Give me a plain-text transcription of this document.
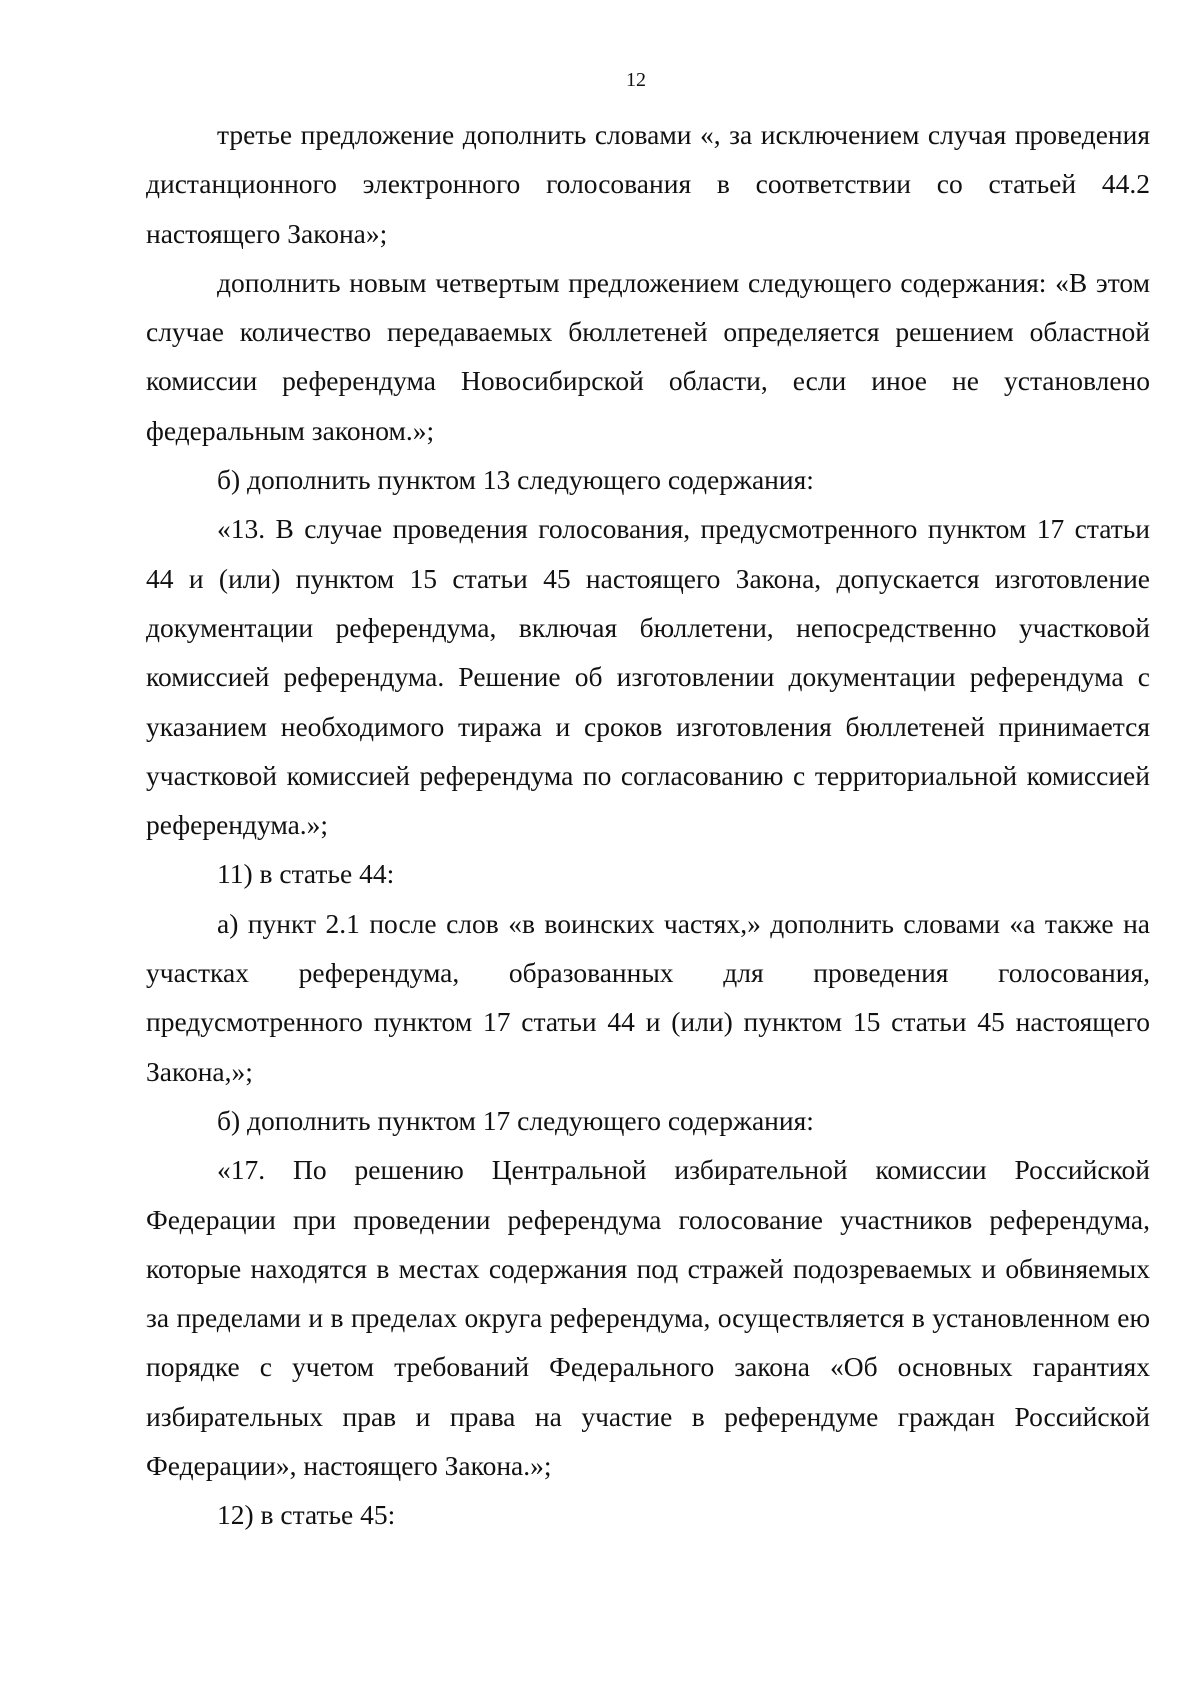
12

третье предложение дополнить словами «, за исключением случая проведения дистанционного электронного голосования в соответствии со статьей 44.2 настоящего Закона»;

дополнить новым четвертым предложением следующего содержания: «В этом случае количество передаваемых бюллетеней определяется решением областной комиссии референдума Новосибирской области, если иное не установлено федеральным законом.»;

б) дополнить пунктом 13 следующего содержания:

«13. В случае проведения голосования, предусмотренного пунктом 17 статьи 44 и (или) пунктом 15 статьи 45 настоящего Закона, допускается изготовление документации референдума, включая бюллетени, непосредственно участковой комиссией референдума. Решение об изготовлении документации референдума с указанием необходимого тиража и сроков изготовления бюллетеней принимается участковой комиссией референдума по согласованию с территориальной комиссией референдума.»;

11) в статье 44:

а) пункт 2.1 после слов «в воинских частях,» дополнить словами «а также на участках референдума, образованных для проведения голосования, предусмотренного пунктом 17 статьи 44 и (или) пунктом 15 статьи 45 настоящего Закона,»;

б) дополнить пунктом 17 следующего содержания:

«17. По решению Центральной избирательной комиссии Российской Федерации при проведении референдума голосование участников референдума, которые находятся в местах содержания под стражей подозреваемых и обвиняемых за пределами и в пределах округа референдума, осуществляется в установленном ею порядке с учетом требований Федерального закона «Об основных гарантиях избирательных прав и права на участие в референдуме граждан Российской Федерации», настоящего Закона.»;

12) в статье 45:
